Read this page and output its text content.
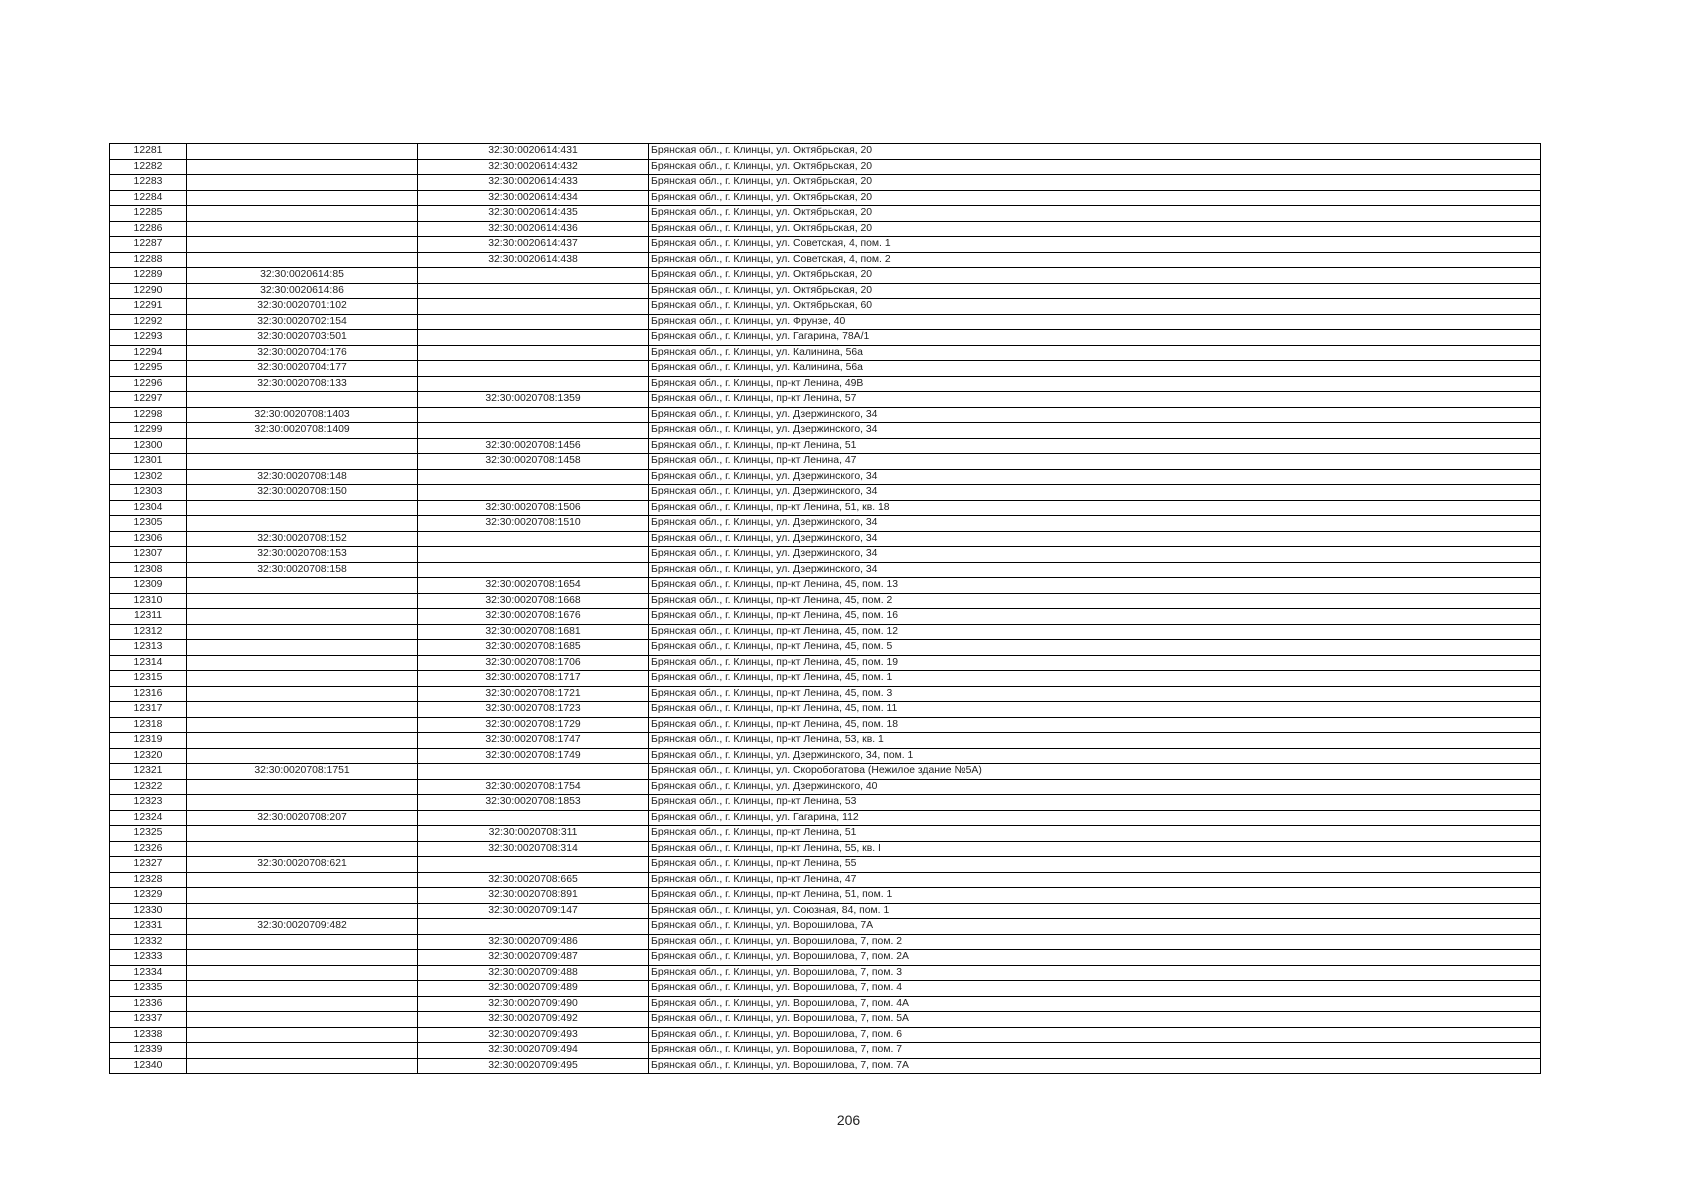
12281		32:30:0020614:431	Брянская обл., г. Клинцы, ул. Октябрьская, 20
12282		32:30:0020614:432	Брянская обл., г. Клинцы, ул. Октябрьская, 20
12283		32:30:0020614:433	Брянская обл., г. Клинцы, ул. Октябрьская, 20
12284		32:30:0020614:434	Брянская обл., г. Клинцы, ул. Октябрьская, 20
12285		32:30:0020614:435	Брянская обл., г. Клинцы, ул. Октябрьская, 20
12286		32:30:0020614:436	Брянская обл., г. Клинцы, ул. Октябрьская, 20
12287		32:30:0020614:437	Брянская обл., г. Клинцы, ул. Советская, 4, пом. 1
12288		32:30:0020614:438	Брянская обл., г. Клинцы, ул. Советская, 4, пом. 2
12289	32:30:0020614:85		Брянская обл., г. Клинцы, ул. Октябрьская, 20
12290	32:30:0020614:86		Брянская обл., г. Клинцы, ул. Октябрьская, 20
12291	32:30:0020701:102		Брянская обл., г. Клинцы, ул. Октябрьская, 60
12292	32:30:0020702:154		Брянская обл., г. Клинцы, ул. Фрунзе, 40
12293	32:30:0020703:501		Брянская обл., г. Клинцы, ул. Гагарина, 78А/1
12294	32:30:0020704:176		Брянская обл., г. Клинцы, ул. Калинина, 56а
12295	32:30:0020704:177		Брянская обл., г. Клинцы, ул. Калинина, 56а
12296	32:30:0020708:133		Брянская обл., г. Клинцы, пр-кт Ленина, 49В
12297		32:30:0020708:1359	Брянская обл., г. Клинцы, пр-кт Ленина, 57
12298	32:30:0020708:1403		Брянская обл., г. Клинцы, ул. Дзержинского, 34
12299	32:30:0020708:1409		Брянская обл., г. Клинцы, ул. Дзержинского, 34
12300		32:30:0020708:1456	Брянская обл., г. Клинцы, пр-кт Ленина, 51
12301		32:30:0020708:1458	Брянская обл., г. Клинцы, пр-кт Ленина, 47
12302	32:30:0020708:148		Брянская обл., г. Клинцы, ул. Дзержинского, 34
12303	32:30:0020708:150		Брянская обл., г. Клинцы, ул. Дзержинского, 34
12304		32:30:0020708:1506	Брянская обл., г. Клинцы, пр-кт Ленина, 51, кв. 18
12305		32:30:0020708:1510	Брянская обл., г. Клинцы, ул. Дзержинского, 34
12306	32:30:0020708:152		Брянская обл., г. Клинцы, ул. Дзержинского, 34
12307	32:30:0020708:153		Брянская обл., г. Клинцы, ул. Дзержинского, 34
12308	32:30:0020708:158		Брянская обл., г. Клинцы, ул. Дзержинского, 34
12309		32:30:0020708:1654	Брянская обл., г. Клинцы, пр-кт Ленина, 45, пом. 13
12310		32:30:0020708:1668	Брянская обл., г. Клинцы, пр-кт Ленина, 45, пом. 2
12311		32:30:0020708:1676	Брянская обл., г. Клинцы, пр-кт Ленина, 45, пом. 16
12312		32:30:0020708:1681	Брянская обл., г. Клинцы, пр-кт Ленина, 45, пом. 12
12313		32:30:0020708:1685	Брянская обл., г. Клинцы, пр-кт Ленина, 45, пом. 5
12314		32:30:0020708:1706	Брянская обл., г. Клинцы, пр-кт Ленина, 45, пом. 19
12315		32:30:0020708:1717	Брянская обл., г. Клинцы, пр-кт Ленина, 45, пом. 1
12316		32:30:0020708:1721	Брянская обл., г. Клинцы, пр-кт Ленина, 45, пом. 3
12317		32:30:0020708:1723	Брянская обл., г. Клинцы, пр-кт Ленина, 45, пом. 11
12318		32:30:0020708:1729	Брянская обл., г. Клинцы, пр-кт Ленина, 45, пом. 18
12319		32:30:0020708:1747	Брянская обл., г. Клинцы, пр-кт Ленина, 53, кв. 1
12320		32:30:0020708:1749	Брянская обл., г. Клинцы, ул. Дзержинского, 34, пом. 1
12321	32:30:0020708:1751		Брянская обл., г. Клинцы, ул. Скоробогатова (Нежилое здание №5А)
12322		32:30:0020708:1754	Брянская обл., г. Клинцы, ул. Дзержинского, 40
12323		32:30:0020708:1853	Брянская обл., г. Клинцы, пр-кт Ленина, 53
12324	32:30:0020708:207		Брянская обл., г. Клинцы, ул. Гагарина, 112
12325		32:30:0020708:311	Брянская обл., г. Клинцы, пр-кт Ленина, 51
12326		32:30:0020708:314	Брянская обл., г. Клинцы, пр-кт Ленина, 55, кв. I
12327	32:30:0020708:621		Брянская обл., г. Клинцы, пр-кт Ленина, 55
12328		32:30:0020708:665	Брянская обл., г. Клинцы, пр-кт Ленина, 47
12329		32:30:0020708:891	Брянская обл., г. Клинцы, пр-кт Ленина, 51, пом. 1
12330		32:30:0020709:147	Брянская обл., г. Клинцы, ул. Союзная, 84, пом. 1
12331	32:30:0020709:482		Брянская обл., г. Клинцы, ул. Ворошилова, 7А
12332		32:30:0020709:486	Брянская обл., г. Клинцы, ул. Ворошилова, 7, пом. 2
12333		32:30:0020709:487	Брянская обл., г. Клинцы, ул. Ворошилова, 7, пом. 2А
12334		32:30:0020709:488	Брянская обл., г. Клинцы, ул. Ворошилова, 7, пом. 3
12335		32:30:0020709:489	Брянская обл., г. Клинцы, ул. Ворошилова, 7, пом. 4
12336		32:30:0020709:490	Брянская обл., г. Клинцы, ул. Ворошилова, 7, пом. 4А
12337		32:30:0020709:492	Брянская обл., г. Клинцы, ул. Ворошилова, 7, пом. 5А
12338		32:30:0020709:493	Брянская обл., г. Клинцы, ул. Ворошилова, 7, пом. 6
12339		32:30:0020709:494	Брянская обл., г. Клинцы, ул. Ворошилова, 7, пом. 7
12340		32:30:0020709:495	Брянская обл., г. Клинцы, ул. Ворошилова, 7, пом. 7А
206
